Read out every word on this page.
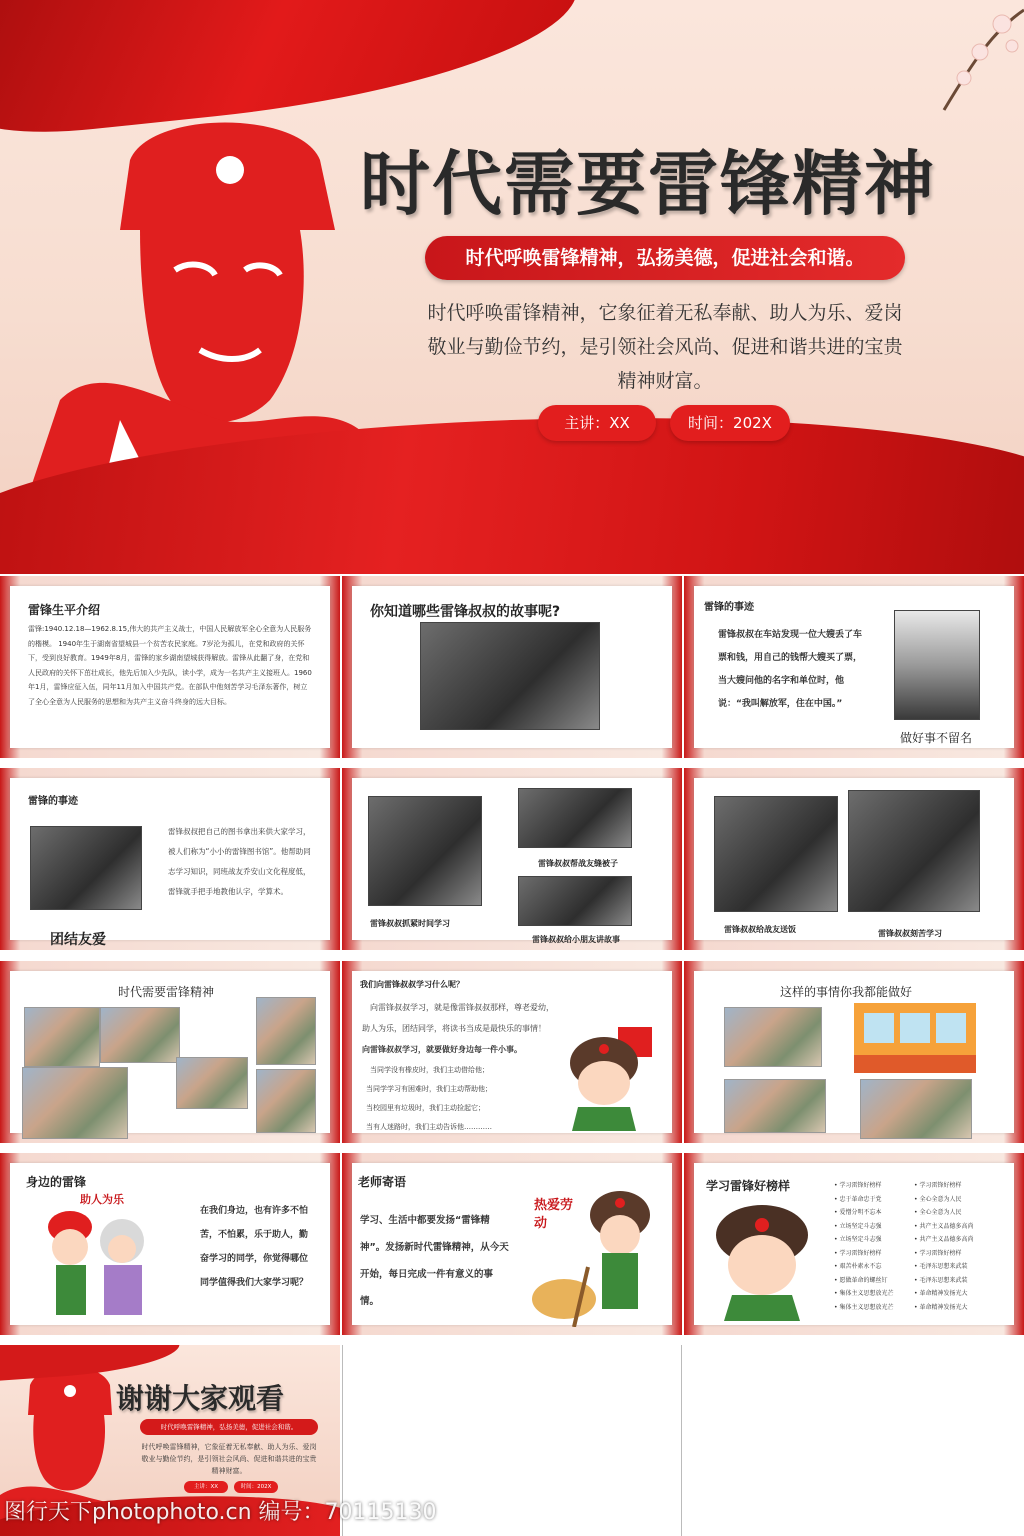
时代需要雷锋精神
时代呼唤雷锋精神，弘扬美德，促进社会和谐。
时代呼唤雷锋精神，它象征着无私奉献、助人为乐、爱岗敬业与勤俭节约，是引领社会风尚、促进和谐共进的宝贵精神财富。
主讲：XX	时间：202X
雷锋生平介绍
雷锋:1940.12.18—1962.8.15,伟大的共产主义战士，中国人民解放军全心全意为人民服务的楷模。 1940年生于湖南省望城县一个贫苦农民家庭。7岁沦为孤儿，在党和政府的关怀下，受到良好教育。1949年8月，雷锋的家乡湖南望城获得解放。雷锋从此翻了身，在党和人民政府的关怀下茁壮成长，他先后加入少先队，读小学，成为一名共产主义接班人。1960年1月，雷锋应征入伍，同年11月加入中国共产党。在部队中他刻苦学习毛泽东著作，树立了全心全意为人民服务的思想和为共产主义奋斗终身的远大目标。
你知道哪些雷锋叔叔的故事呢?	雷锋的事迹
雷锋叔叔在车站发现一位大嫂丢了车票和钱，用自己的钱帮大嫂买了票，当大嫂问他的名字和单位时，他说：“我叫解放军，住在中国。”
做好事不留名
雷锋的事迹
雷锋叔叔把自己的图书拿出来供大家学习，被人们称为“小小的雷锋图书馆”。他帮助同志学习知识，同班战友乔安山文化程度低，雷锋就手把手地教他认字，学算术。
团结友爱
雷锋叔叔抓紧时间学习
雷锋叔叔帮战友缝被子
雷锋叔叔给小朋友讲故事
雷锋叔叔给战友送饭	雷锋叔叔刻苦学习
时代需要雷锋精神
我们向雷锋叔叔学习什么呢？
向雷锋叔叔学习，就是像雷锋叔叔那样，尊老爱幼，
助人为乐，团结同学，将读书当成是最快乐的事情！
向雷锋叔叔学习，就要做好身边每一件小事。
当同学没有橡皮时，我们主动借给他；
当同学学习有困难时，我们主动帮助他；
当校园里有垃圾时，我们主动捡起它；
当有人迷路时，我们主动告诉他…………
这样的事情你我都能做好
身边的雷锋
助人为乐
在我们身边，也有许多不怕苦，不怕累，乐于助人，勤奋学习的同学，你觉得哪位同学值得我们大家学习呢？
老师寄语
学习、生活中都要发扬“雷锋精神”。发扬新时代雷锋精神，从今天开始，每日完成一件有意义的事情。
热爱劳动
学习雷锋好榜样	• 学习雷锋好榜样
• 忠于革命忠于党
• 爱憎分明不忘本
• 立场坚定斗志强
• 立场坚定斗志强
• 学习雷锋好榜样
• 艰苦朴素永不忘
• 愿做革命的螺丝钉
• 集体主义思想放光芒
• 集体主义思想放光芒
• 学习雷锋好榜样
• 全心全意为人民
• 全心全意为人民
• 共产主义品德多高尚
• 共产主义品德多高尚
• 学习雷锋好榜样
• 毛泽东思想来武装
• 毛泽东思想来武装
• 革命精神发扬光大
• 革命精神发扬光大
谢谢大家观看
时代呼唤雷锋精神，弘扬美德，促进社会和谐。
时代呼唤雷锋精神，它象征着无私奉献、助人为乐、爱岗敬业与勤俭节约，是引领社会风尚、促进和谐共进的宝贵精神财富。
主讲：XX	时间：202X
图行天下photophoto.cn 编号：70115130
